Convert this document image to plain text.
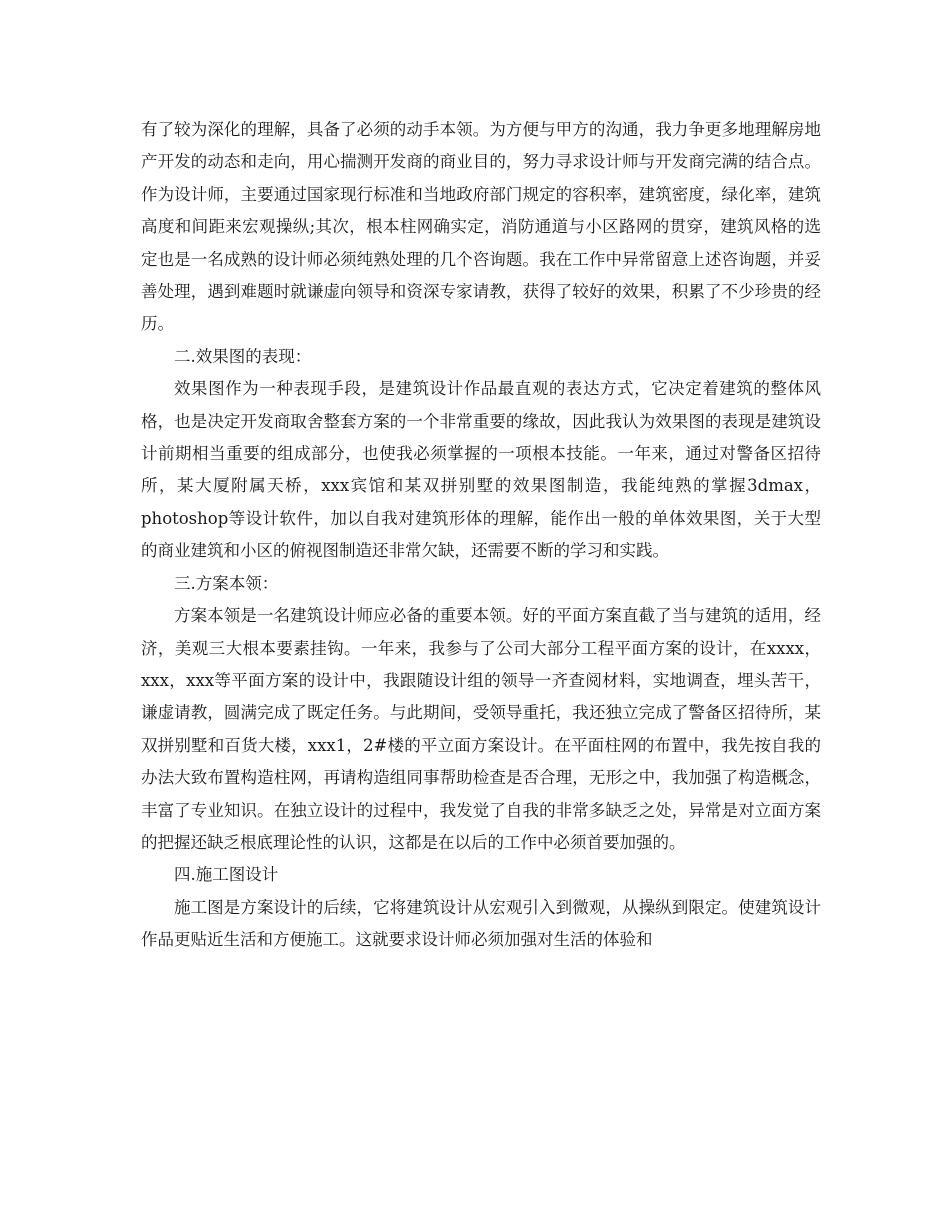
有了较为深化的理解，具备了必须的动手本领。为方便与甲方的沟通，我力争更多地理解房地产开发的动态和走向，用心揣测开发商的商业目的，努力寻求设计师与开发商完满的结合点。作为设计师，主要通过国家现行标准和当地政府部门规定的容积率，建筑密度，绿化率，建筑高度和间距来宏观操纵;其次，根本柱网确实定，消防通道与小区路网的贯穿，建筑风格的选定也是一名成熟的设计师必须纯熟处理的几个咨询题。我在工作中异常留意上述咨询题，并妥善处理，遇到难题时就谦虚向领导和资深专家请教，获得了较好的效果，积累了不少珍贵的经历。

二.效果图的表现：

效果图作为一种表现手段，是建筑设计作品最直观的表达方式，它决定着建筑的整体风格，也是决定开发商取舍整套方案的一个非常重要的缘故，因此我认为效果图的表现是建筑设计前期相当重要的组成部分，也使我必须掌握的一项根本技能。一年来，通过对警备区招待所，某大厦附属天桥，xxx宾馆和某双拼别墅的效果图制造，我能纯熟的掌握3dmax，photoshop等设计软件，加以自我对建筑形体的理解，能作出一般的单体效果图，关于大型的商业建筑和小区的俯视图制造还非常欠缺，还需要不断的学习和实践。

三.方案本领：

方案本领是一名建筑设计师应必备的重要本领。好的平面方案直截了当与建筑的适用，经济，美观三大根本要素挂钩。一年来，我参与了公司大部分工程平面方案的设计，在xxxx，xxx，xxx等平面方案的设计中，我跟随设计组的领导一齐查阅材料，实地调查，埋头苦干，谦虚请教，圆满完成了既定任务。与此期间，受领导重托，我还独立完成了警备区招待所，某双拼别墅和百货大楼，xxx1，2#楼的平立面方案设计。在平面柱网的布置中，我先按自我的办法大致布置构造柱网，再请构造组同事帮助检查是否合理，无形之中，我加强了构造概念，丰富了专业知识。在独立设计的过程中，我发觉了自我的非常多缺乏之处，异常是对立面方案的把握还缺乏根底理论性的认识，这都是在以后的工作中必须首要加强的。

四.施工图设计

施工图是方案设计的后续，它将建筑设计从宏观引入到微观，从操纵到限定。使建筑设计作品更贴近生活和方便施工。这就要求设计师必须加强对生活的体验和
